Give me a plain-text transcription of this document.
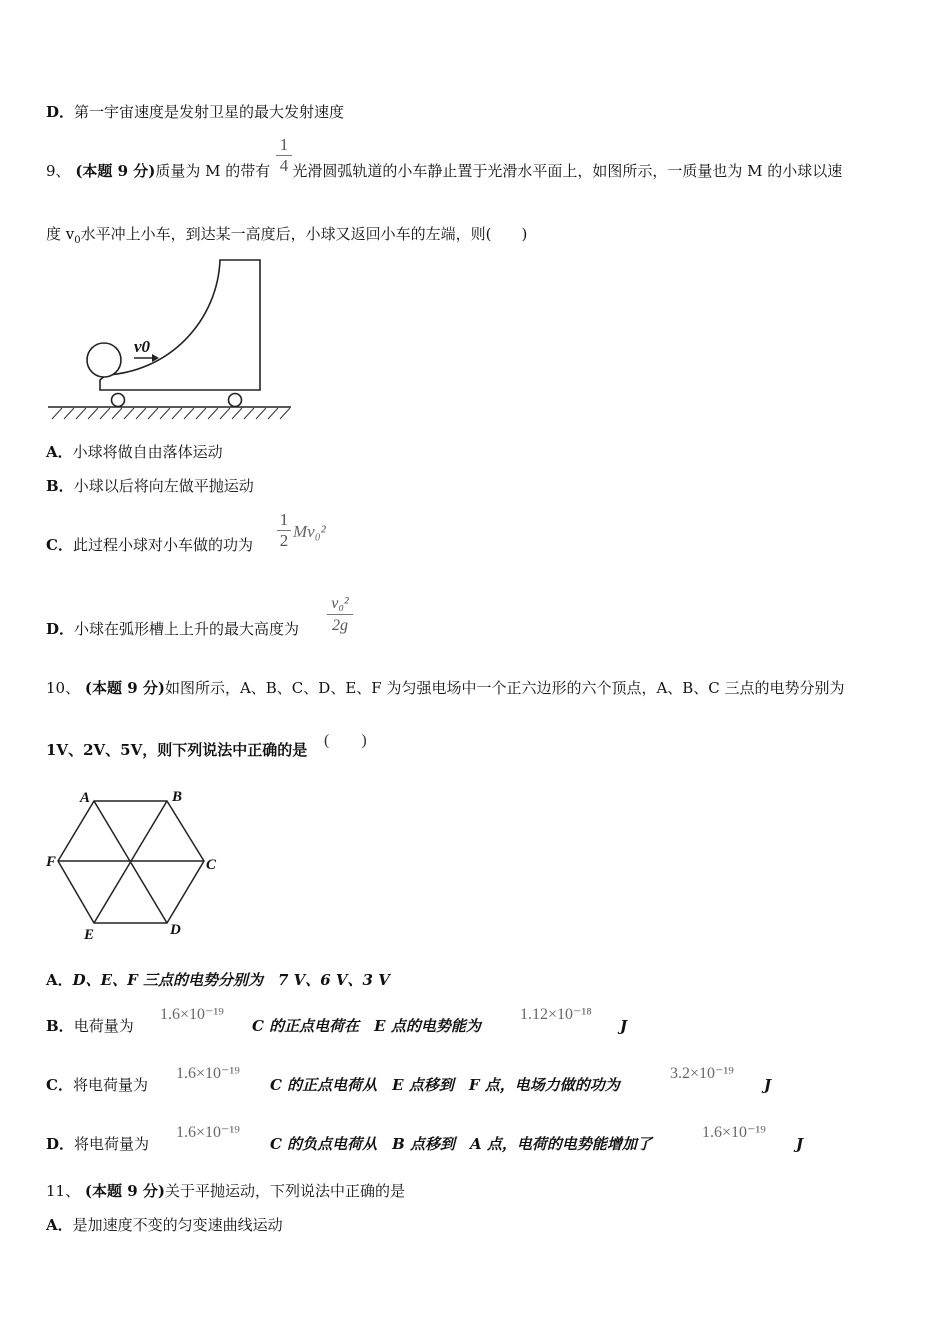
D．第一宇宙速度是发射卫星的最大发射速度
9、 (本题 9 分)质量为 M 的带有 光滑圆弧轨道的小车静止置于光滑水平面上，如图所示，一质量也为 M 的小球以速
1
4
度 $v_0$水平冲上小车，到达某一高度后，小球又返回小车的左端，则(　　)
v0
A．小球将做自由落体运动
B．小球以后将向左做平抛运动
C．此过程小球对小车做的功为
1
2 Mv₀²
D．小球在弧形槽上上升的最大高度为
v₀²
2g
10、 (本题 9 分)如图所示，A、B、C、D、E、F 为匀强电场中一个正六边形的六个顶点，A、B、C 三点的电势分别为
1V、2V、5V，则下列说法中正确的是
(　　)
A	B
C
D
E
F
A．D、E、F 三点的电势分别为　7 V、6 V、3 V
B．电荷量为
1.6×10⁻¹⁹
C 的正点电荷在　E 点的电势能为
1.12×10⁻¹⁸
J
C．将电荷量为
1.6×10⁻¹⁹
C 的正点电荷从　E 点移到　F 点，电场力做的功为
3.2×10⁻¹⁹
J
D．将电荷量为
1.6×10⁻¹⁹
C 的负点电荷从　B 点移到　A 点，电荷的电势能增加了
1.6×10⁻¹⁹
J
11、 (本题 9 分)关于平抛运动，下列说法中正确的是
A．是加速度不变的匀变速曲线运动
